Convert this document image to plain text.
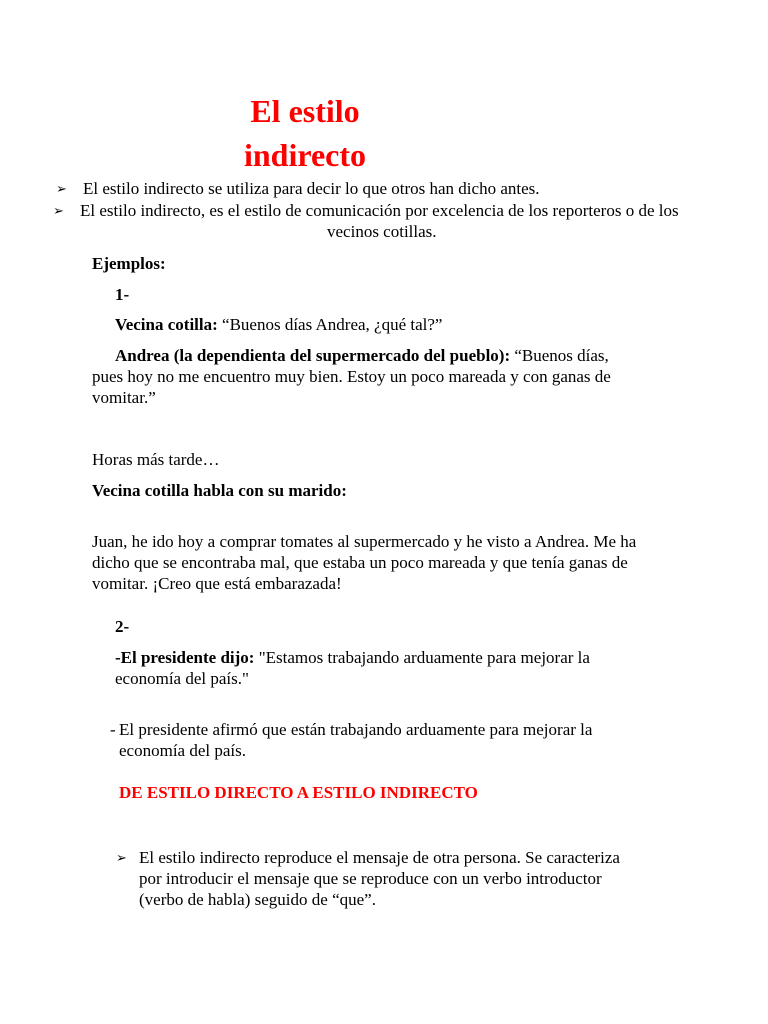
El estilo
indirecto
➢ El estilo indirecto se utiliza para decir lo que otros han dicho antes.
➢ El estilo indirecto, es el estilo de comunicación por excelencia de los reporteros o de los
vecinos cotillas.
Ejemplos:
1-
Vecina cotilla: “Buenos días Andrea, ¿qué tal?”
Andrea (la dependienta del supermercado del pueblo): “Buenos días,
pues hoy no me encuentro muy bien. Estoy un poco mareada y con ganas de
vomitar.”
Horas más tarde…
Vecina cotilla habla con su marido:
Juan, he ido hoy a comprar tomates al supermercado y he visto a Andrea. Me ha
dicho que se encontraba mal, que estaba un poco mareada y que tenía ganas de
vomitar. ¡Creo que está embarazada!
2-
-El presidente dijo: "Estamos trabajando arduamente para mejorar la
economía del país."
- El presidente afirmó que están trabajando arduamente para mejorar la
economía del país.
DE ESTILO DIRECTO A ESTILO INDIRECTO
➢ El estilo indirecto reproduce el mensaje de otra persona. Se caracteriza
por introducir el mensaje que se reproduce con un verbo introductor
(verbo de habla) seguido de “que”.
